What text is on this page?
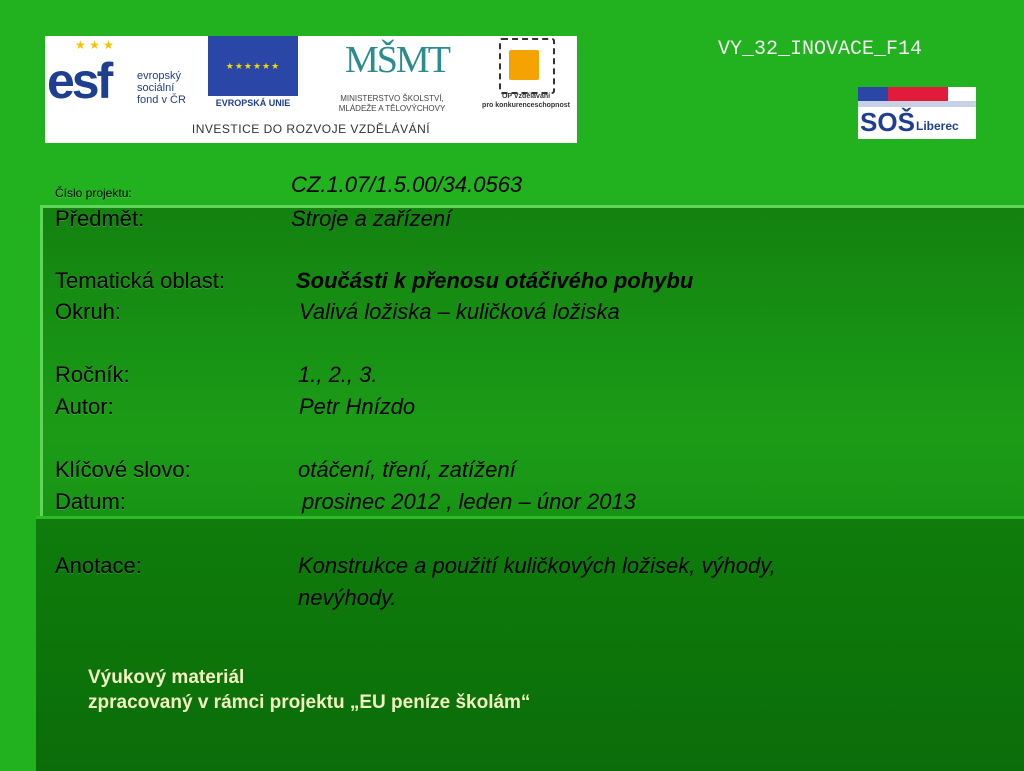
★ ★ ★
esf evropský
sociální
fond v ČR
★★★★★★
EVROPSKÁ UNIE
MŠMT
MINISTERSTVO ŠKOLSTVÍ,
MLÁDEŽE A TĚLOVÝCHOVY
OP Vzdělávání
pro konkurenceschopnost
INVESTICE DO ROZVOJE VZDĚLÁVÁNÍ
VY_32_INOVACE_F14
SOŠ Liberec
Číslo projektu:	CZ.1.07/1.5.00/34.0563
Předmět:	Stroje a zařízení
Tematická oblast:	Součásti k přenosu otáčivého pohybu
Okruh:	Valivá ložiska – kuličková ložiska
Ročník:	1., 2., 3.
Autor:	Petr Hnízdo
Klíčové slovo:	otáčení, tření, zatížení
Datum:	prosinec 2012 , leden – únor 2013
Anotace:	Konstrukce a použití kuličkových ložisek, výhody,
nevýhody.
Výukový materiál
zpracovaný v rámci projektu „EU peníze školám“
